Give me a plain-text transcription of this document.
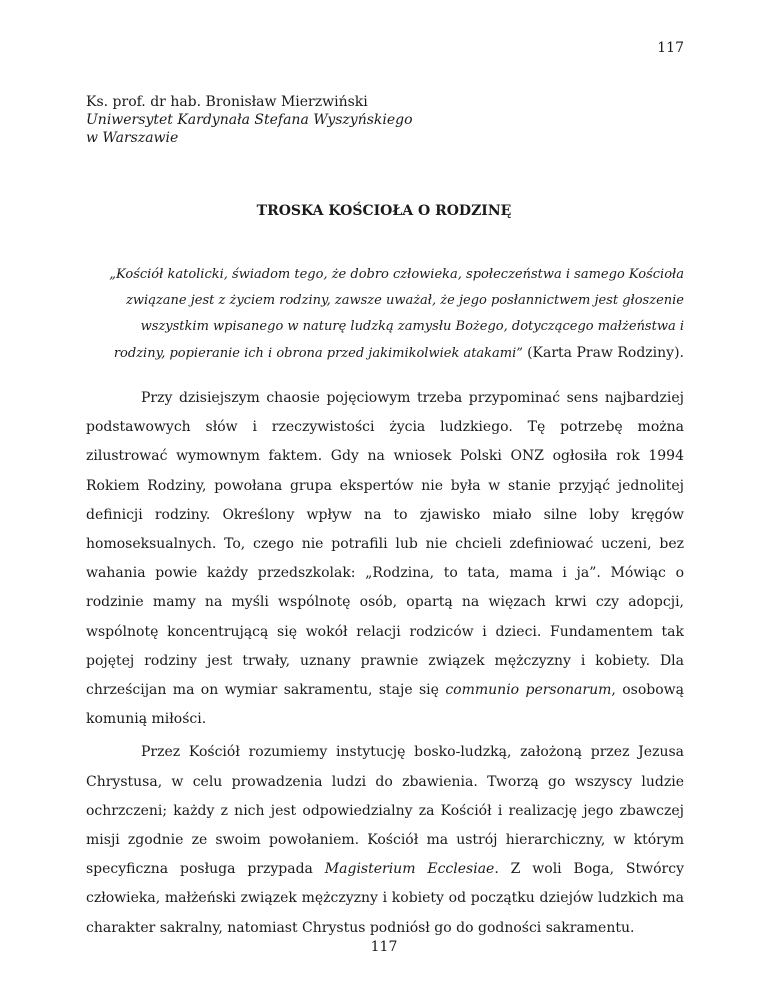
117
Ks. prof. dr hab. Bronisław Mierzwiński
Uniwersytet Kardynała Stefana Wyszyńskiego
w Warszawie
TROSKA KOŚCIOŁA O RODZINĘ
„Kościół katolicki, świadom tego, że dobro człowieka, społeczeństwa i samego Kościoła związane jest z życiem rodziny, zawsze uważał, że jego posłannictwem jest głoszenie wszystkim wpisanego w naturę ludzką zamysłu Bożego, dotyczącego małżeństwa i rodziny, popieranie ich i obrona przed jakimikolwiek atakami” (Karta Praw Rodziny).

Przy dzisiejszym chaosie pojęciowym trzeba przypominać sens najbardziej podstawowych słów i rzeczywistości życia ludzkiego. Tę potrzebę można zilustrować wymownym faktem. Gdy na wniosek Polski ONZ ogłosiła rok 1994 Rokiem Rodziny, powołana grupa ekspertów nie była w stanie przyjąć jednolitej definicji rodziny. Określony wpływ na to zjawisko miało silne loby kręgów homoseksualnych. To, czego nie potrafili lub nie chcieli zdefiniować uczeni, bez wahania powie każdy przedszkolak: „Rodzina, to tata, mama i ja”. Mówiąc o rodzinie mamy na myśli wspólnotę osób, opartą na więzach krwi czy adopcji, wspólnotę koncentrującą się wokół relacji rodziców i dzieci. Fundamentem tak pojętej rodziny jest trwały, uznany prawnie związek mężczyzny i kobiety. Dla chrześcijan ma on wymiar sakramentu, staje się communio personarum, osobową komunią miłości.

Przez Kościół rozumiemy instytucję bosko-ludzką, założoną przez Jezusa Chrystusa, w celu prowadzenia ludzi do zbawienia. Tworzą go wszyscy ludzie ochrzczeni; każdy z nich jest odpowiedzialny za Kościół i realizację jego zbawczej misji zgodnie ze swoim powołaniem. Kościół ma ustrój hierarchiczny, w którym specyficzna posługa przypada Magisterium Ecclesiae. Z woli Boga, Stwórcy człowieka, małżeński związek mężczyzny i kobiety od początku dziejów ludzkich ma charakter sakralny, natomiast Chrystus podniósł go do godności sakramentu.

117
